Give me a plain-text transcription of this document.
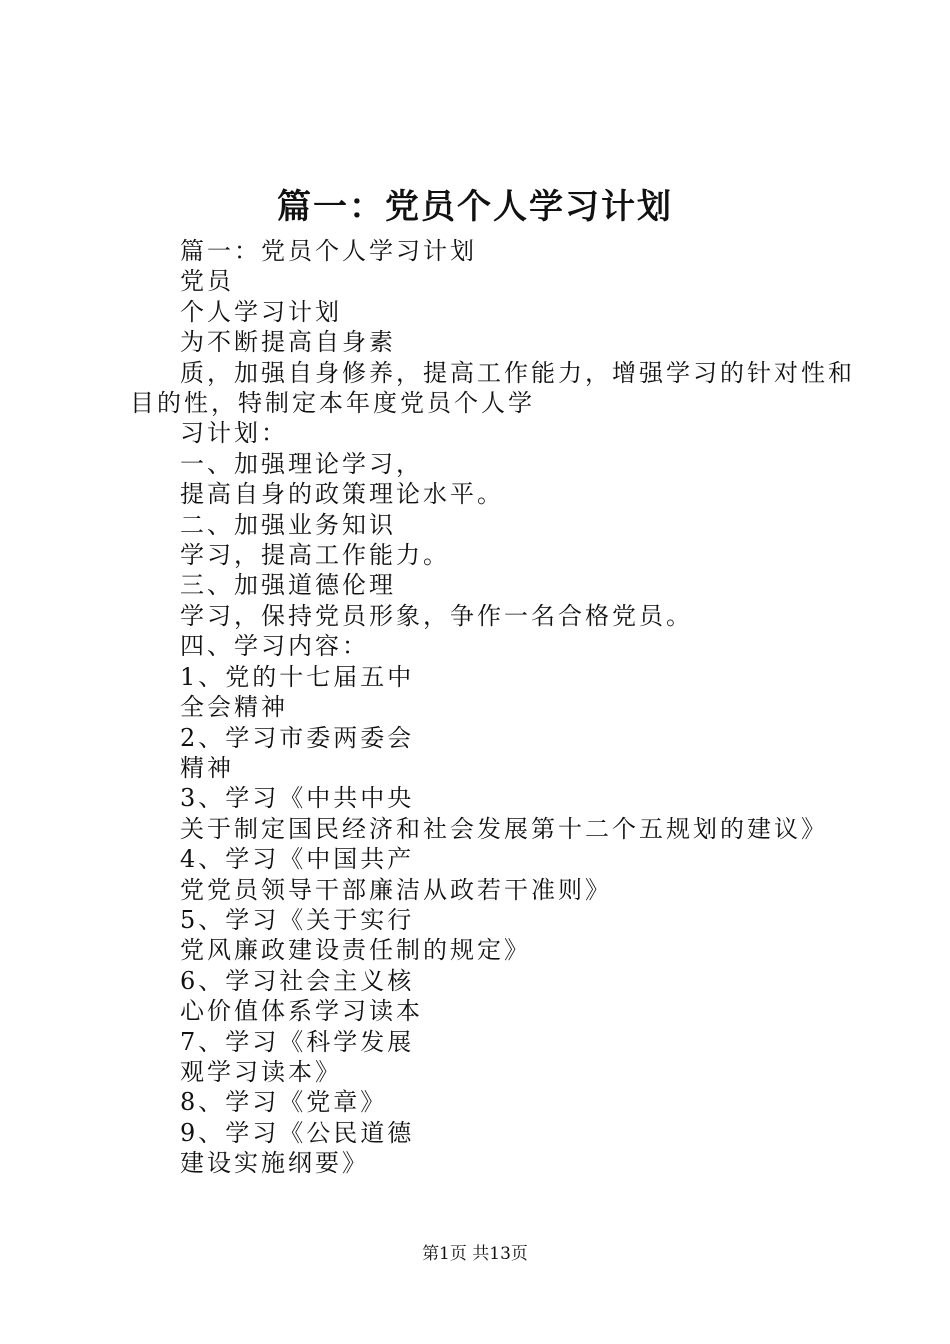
篇一：党员个人学习计划
篇一：党员个人学习计划
党员
个人学习计划
为不断提高自身素
质，加强自身修养，提高工作能力，增强学习的针对性和
目的性，特制定本年度党员个人学
习计划：
一、加强理论学习，
提高自身的政策理论水平。
二、加强业务知识
学习，提高工作能力。
三、加强道德伦理
学习，保持党员形象，争作一名合格党员。
四、学习内容：
1、党的十七届五中
全会精神
2、学习市委两委会
精神
3、学习《中共中央
关于制定国民经济和社会发展第十二个五规划的建议》
4、学习《中国共产
党党员领导干部廉洁从政若干准则》
5、学习《关于实行
党风廉政建设责任制的规定》
6、学习社会主义核
心价值体系学习读本
7、学习《科学发展
观学习读本》
8、学习《党章》
9、学习《公民道德
建设实施纲要》
第1页 共13页
